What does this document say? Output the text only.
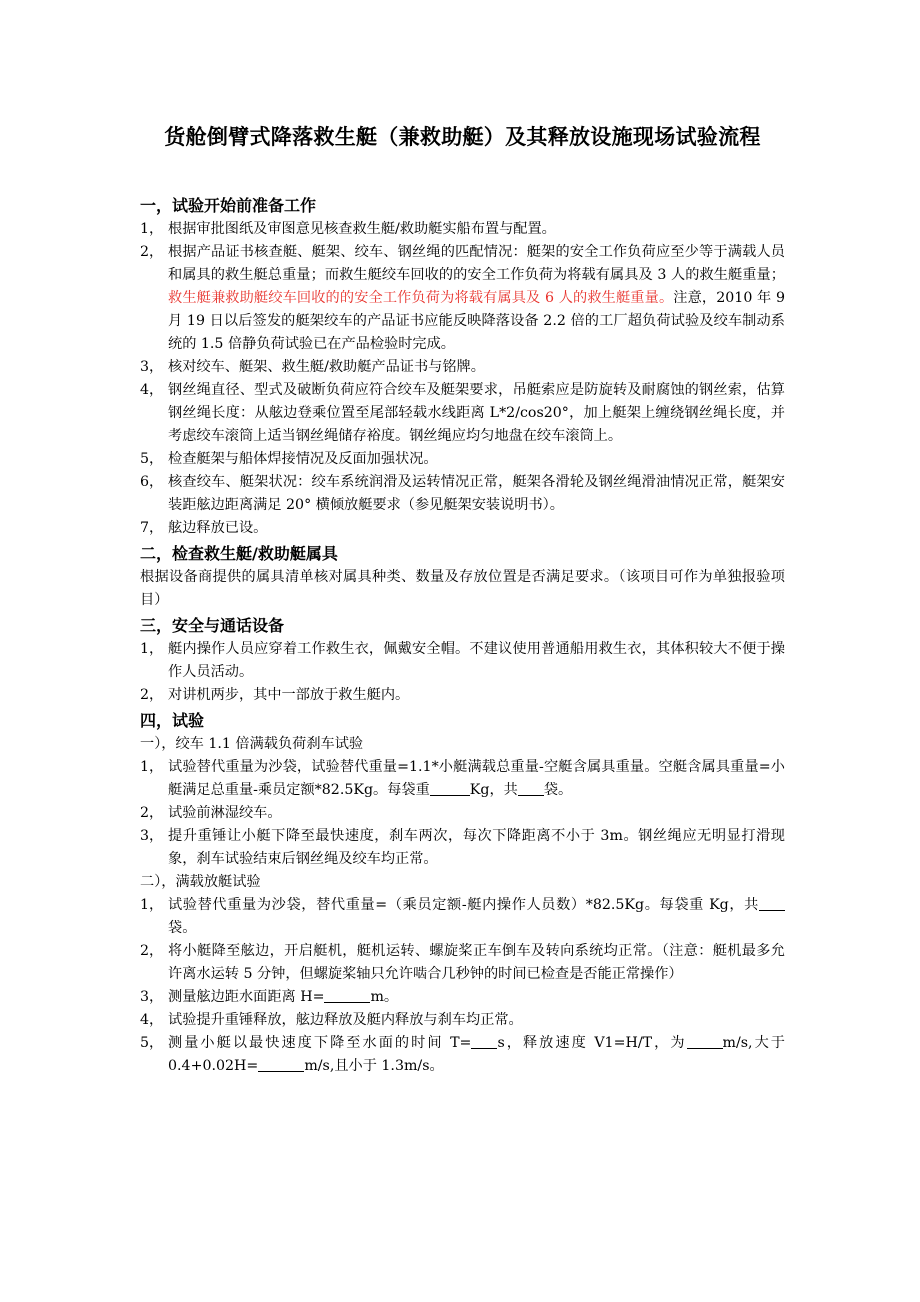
货舱倒臂式降落救生艇（兼救助艇）及其释放设施现场试验流程

一，试验开始前准备工作

1， 根据审批图纸及审图意见核查救生艇/救助艇实船布置与配置。
2， 根据产品证书核查艇、艇架、绞车、钢丝绳的匹配情况：艇架的安全工作负荷应至少等于满载人员和属具的救生艇总重量；而救生艇绞车回收的的安全工作负荷为将载有属具及 3 人的救生艇重量；救生艇兼救助艇绞车回收的的安全工作负荷为将载有属具及 6 人的救生艇重量。注意，2010 年 9 月 19 日以后签发的艇架绞车的产品证书应能反映降落设备 2.2 倍的工厂超负荷试验及绞车制动系统的 1.5 倍静负荷试验已在产品检验时完成。
3， 核对绞车、艇架、救生艇/救助艇产品证书与铭牌。
4， 钢丝绳直径、型式及破断负荷应符合绞车及艇架要求，吊艇索应是防旋转及耐腐蚀的钢丝索，估算钢丝绳长度：从舷边登乘位置至尾部轻载水线距离 L*2/cos20°，加上艇架上缠绕钢丝绳长度，并考虑绞车滚筒上适当钢丝绳储存裕度。钢丝绳应均匀地盘在绞车滚筒上。
5， 检查艇架与船体焊接情况及反面加强状况。
6， 核查绞车、艇架状况：绞车系统润滑及运转情况正常，艇架各滑轮及钢丝绳滑油情况正常，艇架安装距舷边距离满足 20° 横倾放艇要求（参见艇架安装说明书）。
7， 舷边释放已设。

二，检查救生艇/救助艇属具

根据设备商提供的属具清单核对属具种类、数量及存放位置是否满足要求。（该项目可作为单独报验项目）

三，安全与通话设备

1， 艇内操作人员应穿着工作救生衣，佩戴安全帽。不建议使用普通船用救生衣，其体积较大不便于操作人员活动。
2， 对讲机两步，其中一部放于救生艇内。

四，试验

一），绞车 1.1 倍满载负荷刹车试验

1， 试验替代重量为沙袋，试验替代重量=1.1*小艇满载总重量-空艇含属具重量。空艇含属具重量=小艇满足总重量-乘员定额*82.5Kg。每袋重	Kg，共 袋。
2， 试验前淋湿绞车。
3， 提升重锤让小艇下降至最快速度，刹车两次，每次下降距离不小于 3m。钢丝绳应无明显打滑现象，刹车试验结束后钢丝绳及绞车均正常。

二），满载放艇试验

1， 试验替代重量为沙袋，替代重量=（乘员定额-艇内操作人员数）*82.5Kg。每袋重 Kg，共袋。
2， 将小艇降至舷边，开启艇机，艇机运转、螺旋桨正车倒车及转向系统均正常。（注意：艇机最多允许离水运转 5 分钟，但螺旋桨轴只允许啮合几秒钟的时间已检查是否能正常操作）
3， 测量舷边距水面距离 H=	m。
4， 试验提升重锤释放，舷边释放及艇内释放与刹车均正常。
5， 测量小艇以最快速度下降至水面的时间 T= s，释放速度 V1=H/T，为	m/s,大于 0.4+0.02H=	m/s,且小于 1.3m/s。
